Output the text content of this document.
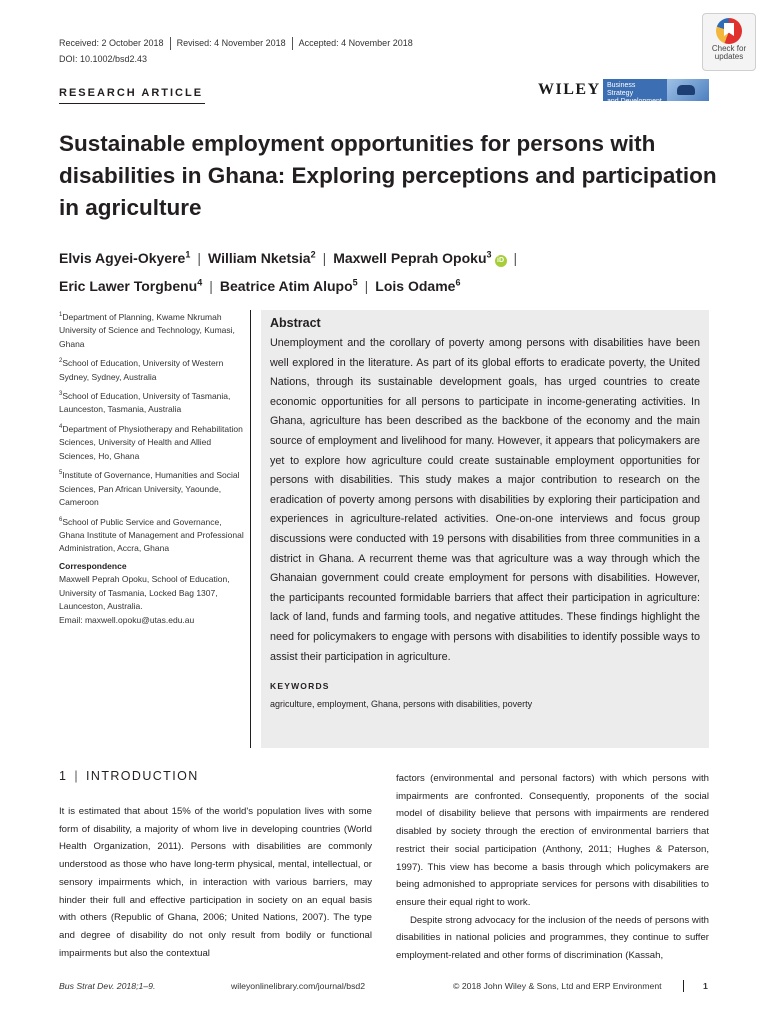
Received: 2 October 2018	Revised: 4 November 2018	Accepted: 4 November 2018
DOI: 10.1002/bsd2.43
Check for
updates
RESEARCH ARTICLE	WILEY Business Strategy
and Development
Sustainable employment opportunities for persons with disabilities in Ghana: Exploring perceptions and participation in agriculture
Elvis Agyei-Okyere$^1$ | William Nketsia$^2$ | Maxwell Peprah Opoku$^3$iD |
Eric Lawer Torgbenu$^4$ | Beatrice Atim Alupo$^5$ | Lois Odame$^6$
$^1$Department of Planning, Kwame Nkrumah University of Science and Technology, Kumasi, Ghana
$^2$School of Education, University of Western Sydney, Sydney, Australia
$^3$School of Education, University of Tasmania, Launceston, Tasmania, Australia
$^4$Department of Physiotherapy and Rehabilitation Sciences, University of Health and Allied Sciences, Ho, Ghana
$^5$Institute of Governance, Humanities and Social Sciences, Pan African University, Yaounde, Cameroon
$^6$School of Public Service and Governance, Ghana Institute of Management and Professional Administration, Accra, Ghana
Correspondence
Maxwell Peprah Opoku, School of Education, University of Tasmania, Locked Bag 1307, Launceston, Australia.
Email: maxwell.opoku@utas.edu.au
Abstract

Unemployment and the corollary of poverty among persons with disabilities have been well explored in the literature. As part of its global efforts to eradicate poverty, the United Nations, through its sustainable development goals, has urged countries to create economic opportunities for all persons to participate in income-generating activities. In Ghana, agriculture has been described as the backbone of the economy and the main source of employment and livelihood for many. However, it appears that policymakers are yet to explore how agriculture could create sustainable employment opportunities for persons with disabilities. This study makes a major contribution to research on the eradication of poverty among persons with disabilities by exploring their participation and experiences in agriculture-related activities. One-on-one interviews and focus group discussions were conducted with 19 persons with disabilities from three communities in a district in Ghana. A recurrent theme was that agriculture was a way through which the Ghanaian government could create employment for persons with disabilities. However, the participants recounted formidable barriers that affect their participation in agriculture: lack of land, funds and farming tools, and negative attitudes. These findings highlight the need for policymakers to engage with persons with disabilities to identify possible ways to assist their participation in agriculture.

KEYWORDS
agriculture, employment, Ghana, persons with disabilities, poverty
1 | INTRODUCTION

It is estimated that about 15% of the world's population lives with some form of disability, a majority of whom live in developing countries (World Health Organization, 2011). Persons with disabilities are commonly understood as those who have long-term physical, mental, intellectual, or sensory impairments which, in interaction with various barriers, may hinder their full and effective participation in society on an equal basis with others (Republic of Ghana, 2006; United Nations, 2007). The type and degree of disability do not only result from bodily or functional impairments but also the contextual

factors (environmental and personal factors) with which persons with impairments are confronted. Consequently, proponents of the social model of disability believe that persons with impairments are rendered disabled by society through the erection of environmental barriers that restrict their social participation (Anthony, 2011; Hughes & Paterson, 1997). This view has become a basis through which policymakers are being admonished to appropriate services for persons with disabilities to ensure their equal right to work.

Despite strong advocacy for the inclusion of the needs of persons with disabilities in national policies and programmes, they continue to suffer employment-related and other forms of discrimination (Kassah,

Bus Strat Dev. 2018;1–9.	wileyonlinelibrary.com/journal/bsd2	© 2018 John Wiley & Sons, Ltd and ERP Environment	1
